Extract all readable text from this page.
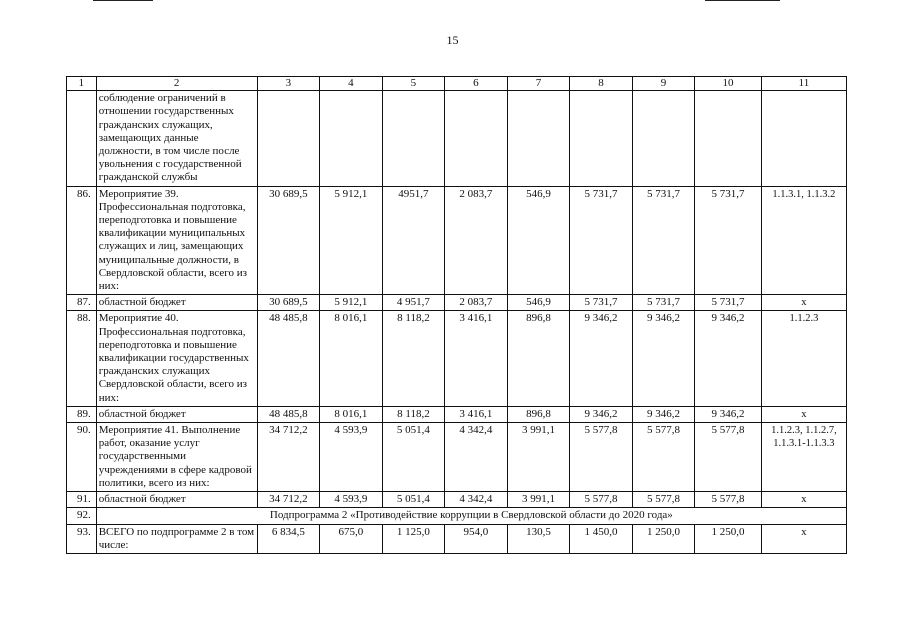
15
1	2	3	4	5	6	7	8	9	10	11
	соблюдение ограничений в отношении государственных гражданских служащих, замещающих данные должности, в том числе после увольнения с государственной гражданской службы									
86.	Мероприятие 39. Профессиональная подготовка, переподготовка и повышение квалификации муниципальных служащих и лиц, замещающих муниципальные должности, в Свердловской области, всего из них:	30 689,5	5 912,1	4951,7	2 083,7	546,9	5 731,7	5 731,7	5 731,7	1.1.3.1, 1.1.3.2
87.	областной бюджет	30 689,5	5 912,1	4 951,7	2 083,7	546,9	5 731,7	5 731,7	5 731,7	х
88.	Мероприятие 40. Профессиональная подготовка, переподготовка и повышение квалификации государственных гражданских служащих Свердловской области, всего из них:	48 485,8	8 016,1	8 118,2	3 416,1	896,8	9 346,2	9 346,2	9 346,2	1.1.2.3
89.	областной бюджет	48 485,8	8 016,1	8 118,2	3 416,1	896,8	9 346,2	9 346,2	9 346,2	х
90.	Мероприятие 41. Выполнение работ, оказание услуг государственными учреждениями в сфере кадровой политики, всего из них:	34 712,2	4 593,9	5 051,4	4 342,4	3 991,1	5 577,8	5 577,8	5 577,8	1.1.2.3, 1.1.2.7, 1.1.3.1-1.1.3.3
91.	областной бюджет	34 712,2	4 593,9	5 051,4	4 342,4	3 991,1	5 577,8	5 577,8	5 577,8	х
92.	Подпрограмма 2 «Противодействие коррупции в Свердловской области до 2020 года»									
93.	ВСЕГО по подпрограмме 2 в том числе:	6 834,5	675,0	1 125,0	954,0	130,5	1 450,0	1 250,0	1 250,0	х
